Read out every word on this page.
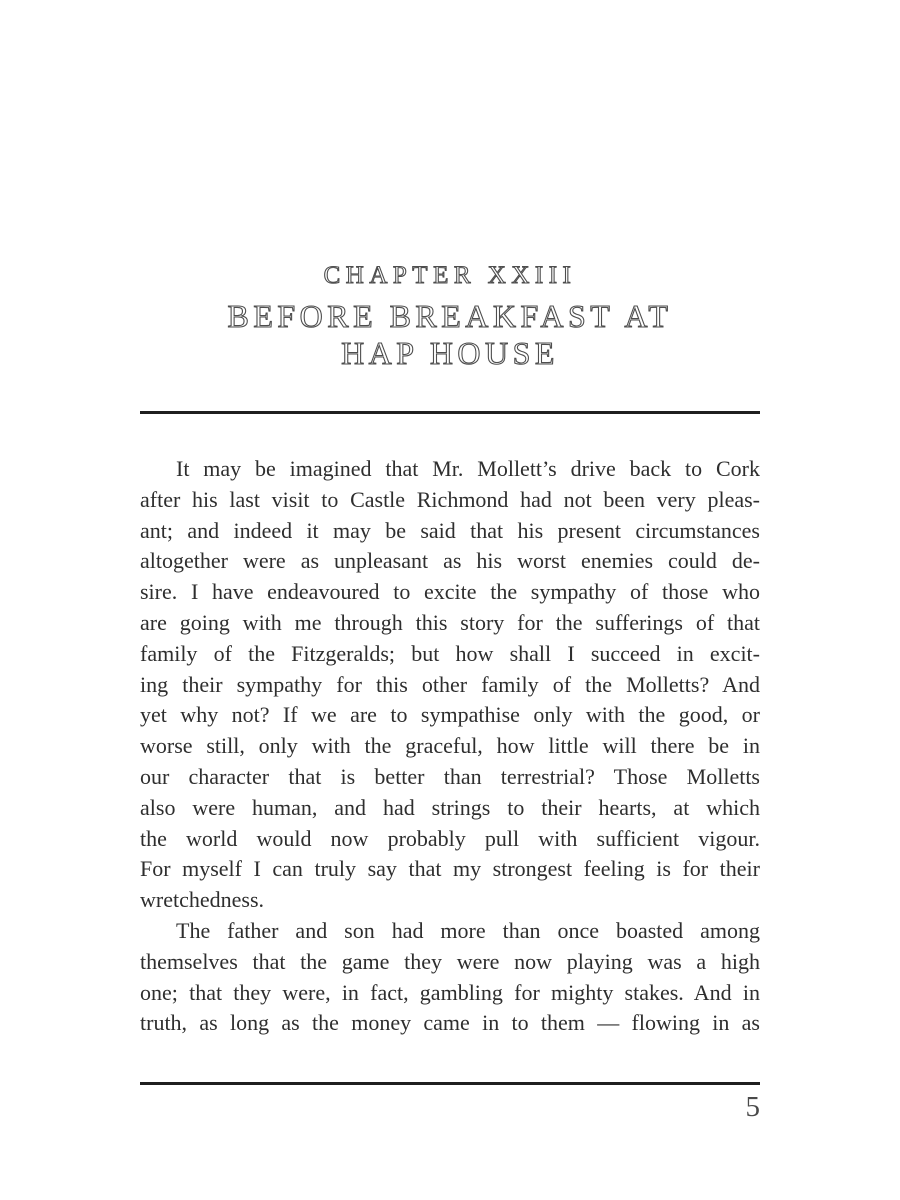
CHAPTER XXIII
BEFORE BREAKFAST AT
HAP HOUSE
It may be imagined that Mr. Mollett’s drive back to Cork
after his last visit to Castle Richmond had not been very pleas-
ant; and indeed it may be said that his present circumstances
altogether were as unpleasant as his worst enemies could de-
sire. I have endeavoured to excite the sympathy of those who
are going with me through this story for the sufferings of that
family of the Fitzgeralds; but how shall I succeed in excit-
ing their sympathy for this other family of the Molletts? And
yet why not? If we are to sympathise only with the good, or
worse still, only with the graceful, how little will there be in
our character that is better than terrestrial? Those Molletts
also were human, and had strings to their hearts, at which
the world would now probably pull with sufficient vigour.
For myself I can truly say that my strongest feeling is for their
wretchedness.
The father and son had more than once boasted among
themselves that the game they were now playing was a high
one; that they were, in fact, gambling for mighty stakes. And in
truth, as long as the money came in to them — flowing in as
5
